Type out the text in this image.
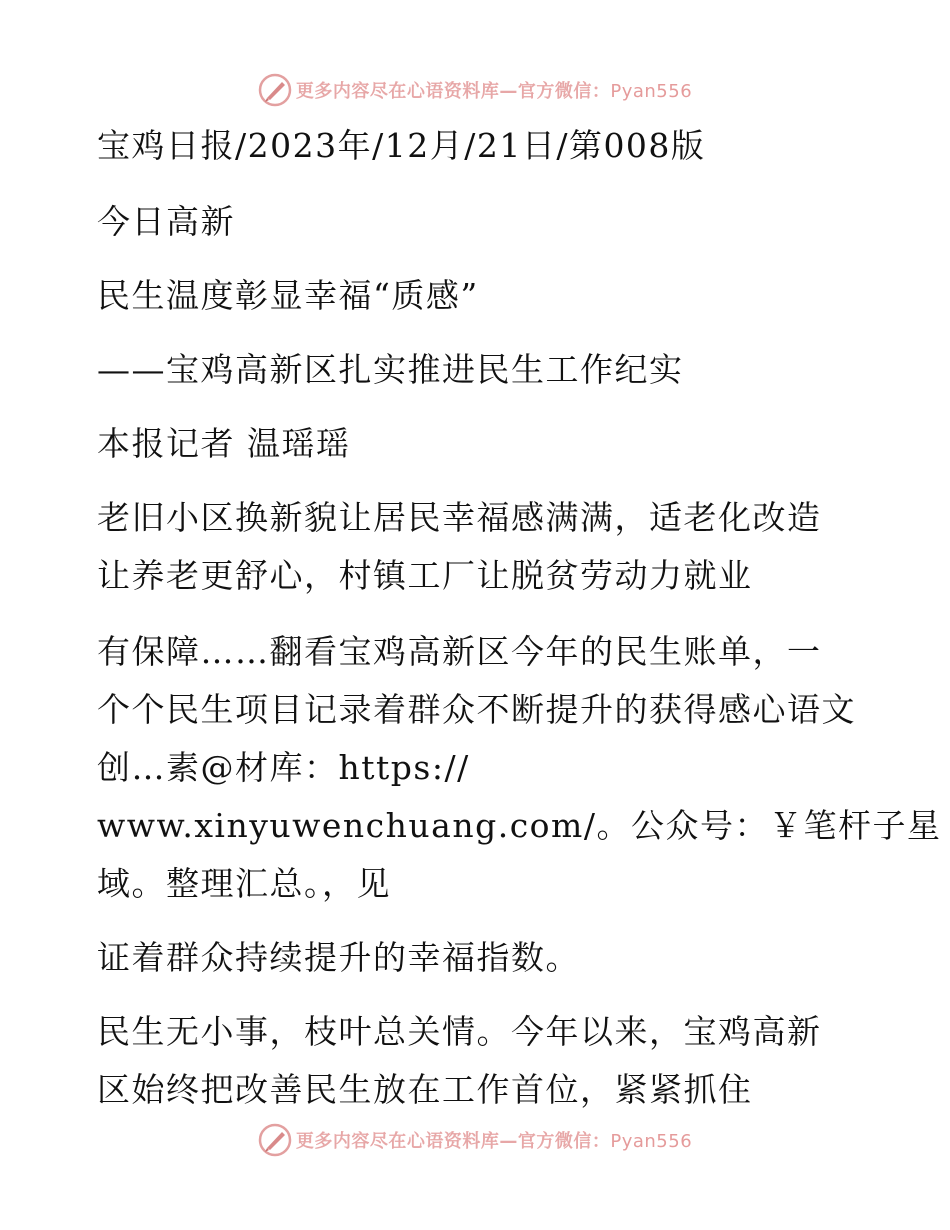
更多内容尽在心语资料库—官方微信：Pyan556
宝鸡日报/2023年/12月/21日/第008版
今日高新
民生温度彰显幸福“质感”
——宝鸡高新区扎实推进民生工作纪实
本报记者 温瑶瑶
老旧小区换新貌让居民幸福感满满，适老化改造
让养老更舒心，村镇工厂让脱贫劳动力就业
有保障……翻看宝鸡高新区今年的民生账单，一
个个民生项目记录着群众不断提升的获得感心语文
创…素@材库：https://
www.xinyuwenchuang.com/。公众号：￥笔杆子星
域。整理汇总。，见
证着群众持续提升的幸福指数。
民生无小事，枝叶总关情。今年以来，宝鸡高新
区始终把改善民生放在工作首位，紧紧抓住
更多内容尽在心语资料库—官方微信：Pyan556
